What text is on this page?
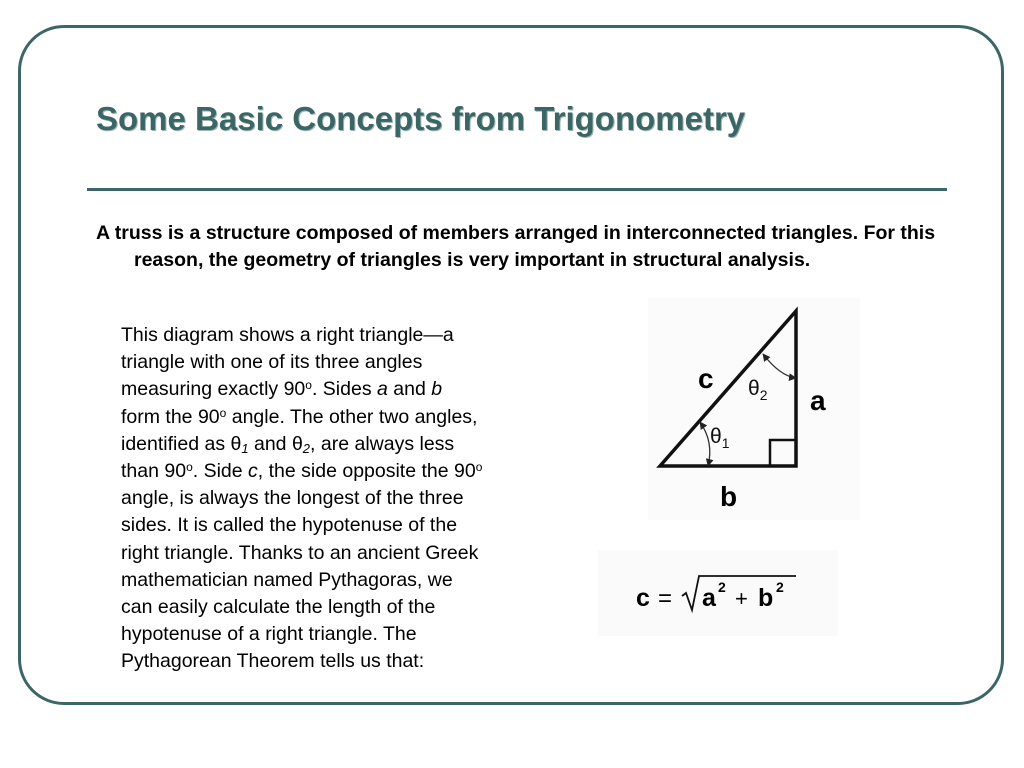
Some Basic Concepts from Trigonometry
A truss is a structure composed of members arranged in interconnected triangles. For this reason, the geometry of triangles is very important in structural analysis.
This diagram shows a right triangle—a
triangle with one of its three angles
measuring exactly 90$^o$. Sides a and b
form the 90$^o$ angle. The other two angles,
identified as $\theta_1$ and $\theta_2$, are always less
than 90$^o$. Side c, the side opposite the 90$^o$
angle, is always the longest of the three
sides. It is called the hypotenuse of the
right triangle. Thanks to an ancient Greek
mathematician named Pythagoras, we
can easily calculate the length of the
hypotenuse of a right triangle. The
Pythagorean Theorem tells us that:
c
a
b
$\theta_1$
$\theta_2$
c = a 2 + b 2
